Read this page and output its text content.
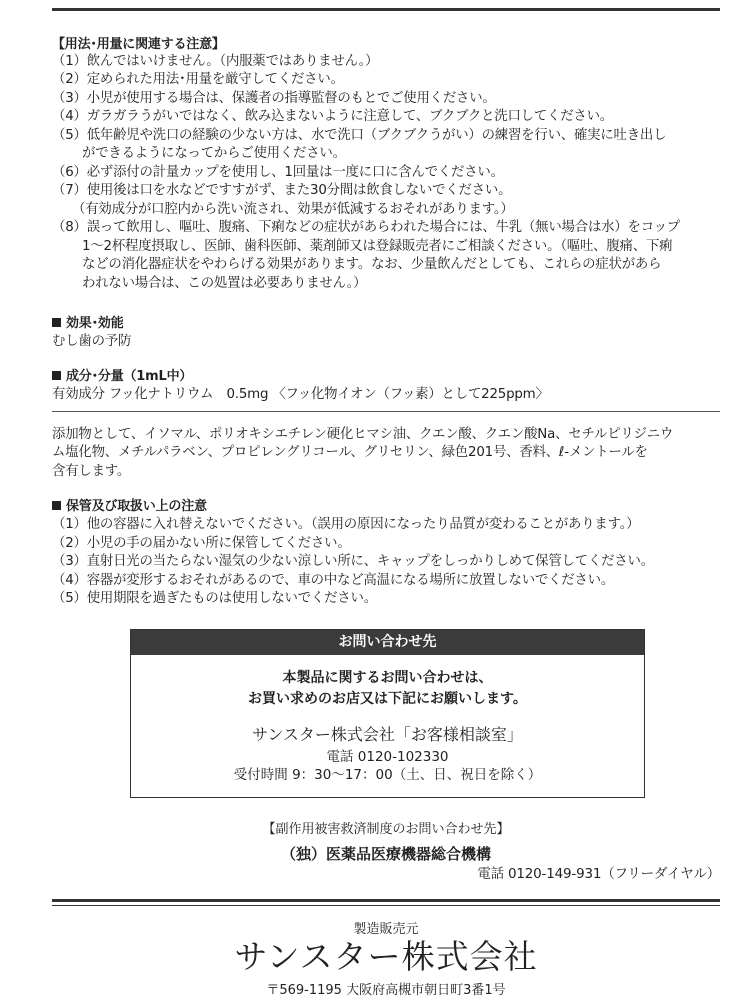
【用法･用量に関連する注意】
（1）飲んではいけません。（内服薬ではありません。）
（2）定められた用法･用量を厳守してください。
（3）小児が使用する場合は、保護者の指導監督のもとでご使用ください。
（4）ガラガラうがいではなく、飲み込まないように注意して、ブクブクと洗口してください。
（5）低年齢児や洗口の経験の少ない方は、水で洗口（ブクブクうがい）の練習を行い、確実に吐き出し
ができるようになってからご使用ください。
（6）必ず添付の計量カップを使用し、1回量は一度に口に含んでください。
（7）使用後は口を水などですすがず、また30分間は飲食しないでください。
（有効成分が口腔内から洗い流され、効果が低減するおそれがあります。）
（8）誤って飲用し、嘔吐、腹痛、下痢などの症状があらわれた場合には、牛乳（無い場合は水）をコップ
1～2杯程度摂取し、医師、歯科医師、薬剤師又は登録販売者にご相談ください。（嘔吐、腹痛、下痢
などの消化器症状をやわらげる効果があります。なお、少量飲んだとしても、これらの症状があら
われない場合は、この処置は必要ありません。）
効果･効能
むし歯の予防
成分･分量（1mL中）
有効成分 フッ化ナトリウム　0.5mg 〈フッ化物イオン（フッ素）として225ppm〉
添加物として、イソマル、ポリオキシエチレン硬化ヒマシ油、クエン酸、クエン酸Na、セチルピリジニウ
ム塩化物、メチルパラベン、プロピレングリコール、グリセリン、緑色201号、香料、ℓ-メントールを
含有します。
保管及び取扱い上の注意
（1）他の容器に入れ替えないでください。（誤用の原因になったり品質が変わることがあります。）
（2）小児の手の届かない所に保管してください。
（3）直射日光の当たらない湿気の少ない涼しい所に、キャップをしっかりしめて保管してください。
（4）容器が変形するおそれがあるので、車の中など高温になる場所に放置しないでください。
（5）使用期限を過ぎたものは使用しないでください。
お問い合わせ先
本製品に関するお問い合わせは、
お買い求めのお店又は下記にお願いします。
サンスター株式会社「お客様相談室」
電話 0120-102330
受付時間 9：30～17：00（土、日、祝日を除く）
【副作用被害救済制度のお問い合わせ先】
（独）医薬品医療機器総合機構
電話 0120-149-931（フリーダイヤル）
製造販売元
サンスター株式会社
〒569-1195 大阪府高槻市朝日町3番1号
